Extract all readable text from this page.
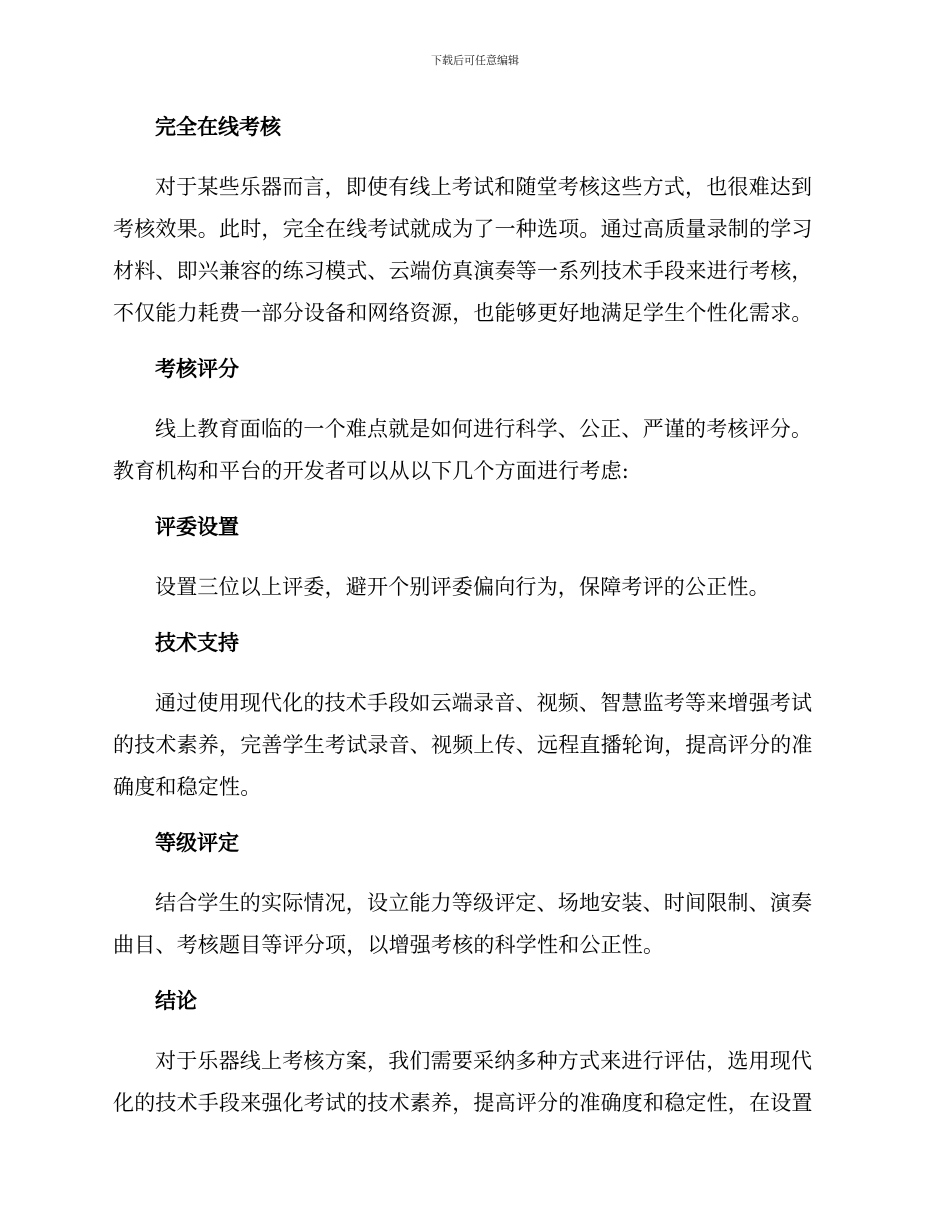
下载后可任意编辑
完全在线考核

对于某些乐器而言，即使有线上考试和随堂考核这些方式，也很难达到考核效果。此时，完全在线考试就成为了一种选项。通过高质量录制的学习材料、即兴兼容的练习模式、云端仿真演奏等一系列技术手段来进行考核，不仅能力耗费一部分设备和网络资源，也能够更好地满足学生个性化需求。

考核评分

线上教育面临的一个难点就是如何进行科学、公正、严谨的考核评分。教育机构和平台的开发者可以从以下几个方面进行考虑:

评委设置

设置三位以上评委，避开个别评委偏向行为，保障考评的公正性。

技术支持

通过使用现代化的技术手段如云端录音、视频、智慧监考等来增强考试的技术素养，完善学生考试录音、视频上传、远程直播轮询，提高评分的准确度和稳定性。

等级评定

结合学生的实际情况，设立能力等级评定、场地安装、时间限制、演奏曲目、考核题目等评分项，以增强考核的科学性和公正性。

结论

对于乐器线上考核方案，我们需要采纳多种方式来进行评估，选用现代化的技术手段来强化考试的技术素养，提高评分的准确度和稳定性，在设置
